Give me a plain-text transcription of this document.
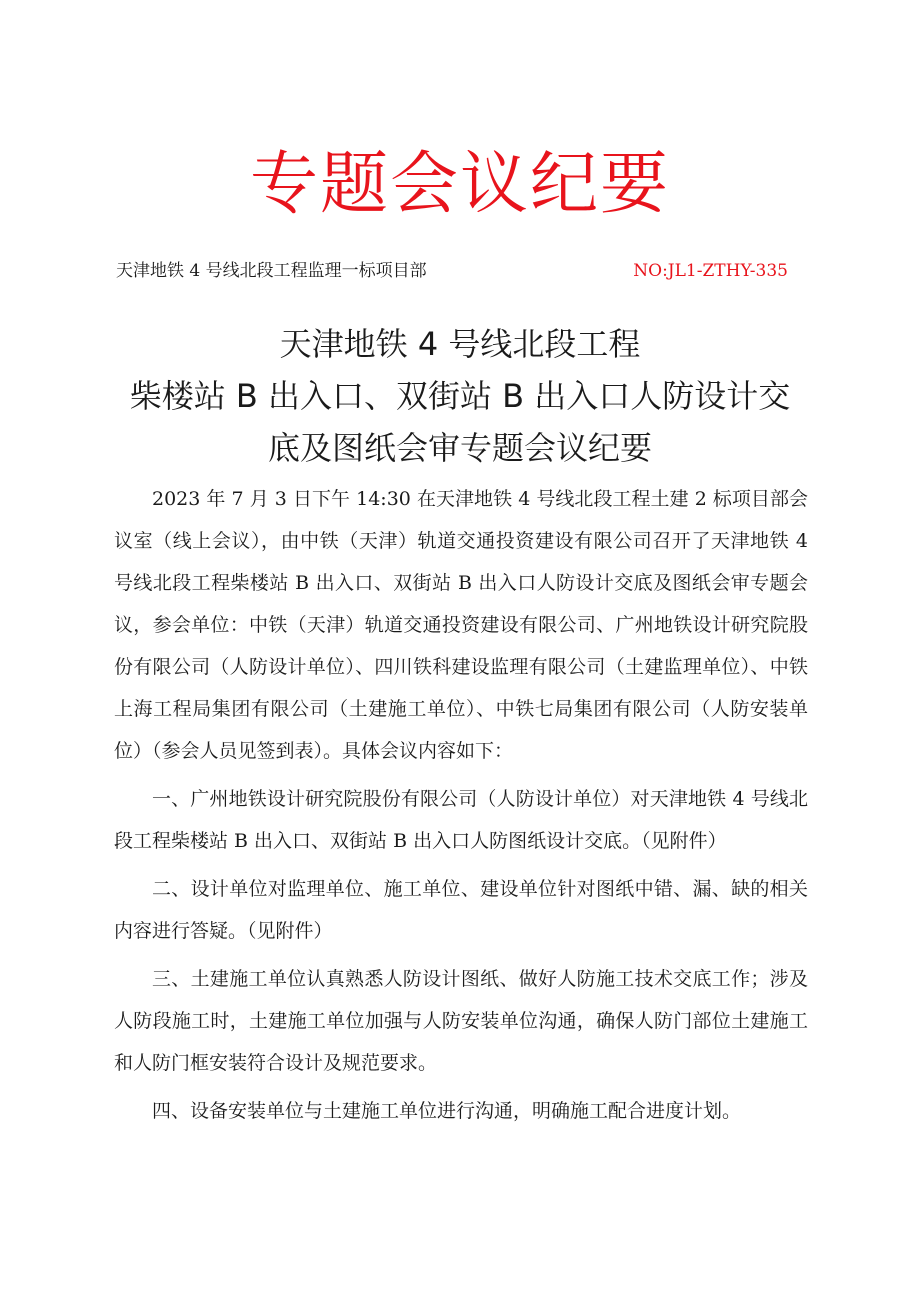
专题会议纪要
天津地铁 4 号线北段工程监理一标项目部	NO:JL1-ZTHY-335
天津地铁 4 号线北段工程
柴楼站 B 出入口、双街站 B 出入口人防设计交
底及图纸会审专题会议纪要

2023 年 7 月 3 日下午 14:30 在天津地铁 4 号线北段工程土建 2 标项目部会议室（线上会议），由中铁（天津）轨道交通投资建设有限公司召开了天津地铁 4 号线北段工程柴楼站 B 出入口、双街站 B 出入口人防设计交底及图纸会审专题会议，参会单位：中铁（天津）轨道交通投资建设有限公司、广州地铁设计研究院股份有限公司（人防设计单位）、四川铁科建设监理有限公司（土建监理单位）、中铁上海工程局集团有限公司（土建施工单位）、中铁七局集团有限公司（人防安装单位）（参会人员见签到表）。具体会议内容如下：

一、广州地铁设计研究院股份有限公司（人防设计单位）对天津地铁 4 号线北段工程柴楼站 B 出入口、双街站 B 出入口人防图纸设计交底。（见附件）

二、设计单位对监理单位、施工单位、建设单位针对图纸中错、漏、缺的相关内容进行答疑。（见附件）

三、土建施工单位认真熟悉人防设计图纸、做好人防施工技术交底工作；涉及人防段施工时，土建施工单位加强与人防安装单位沟通，确保人防门部位土建施工和人防门框安装符合设计及规范要求。

四、设备安装单位与土建施工单位进行沟通，明确施工配合进度计划。
